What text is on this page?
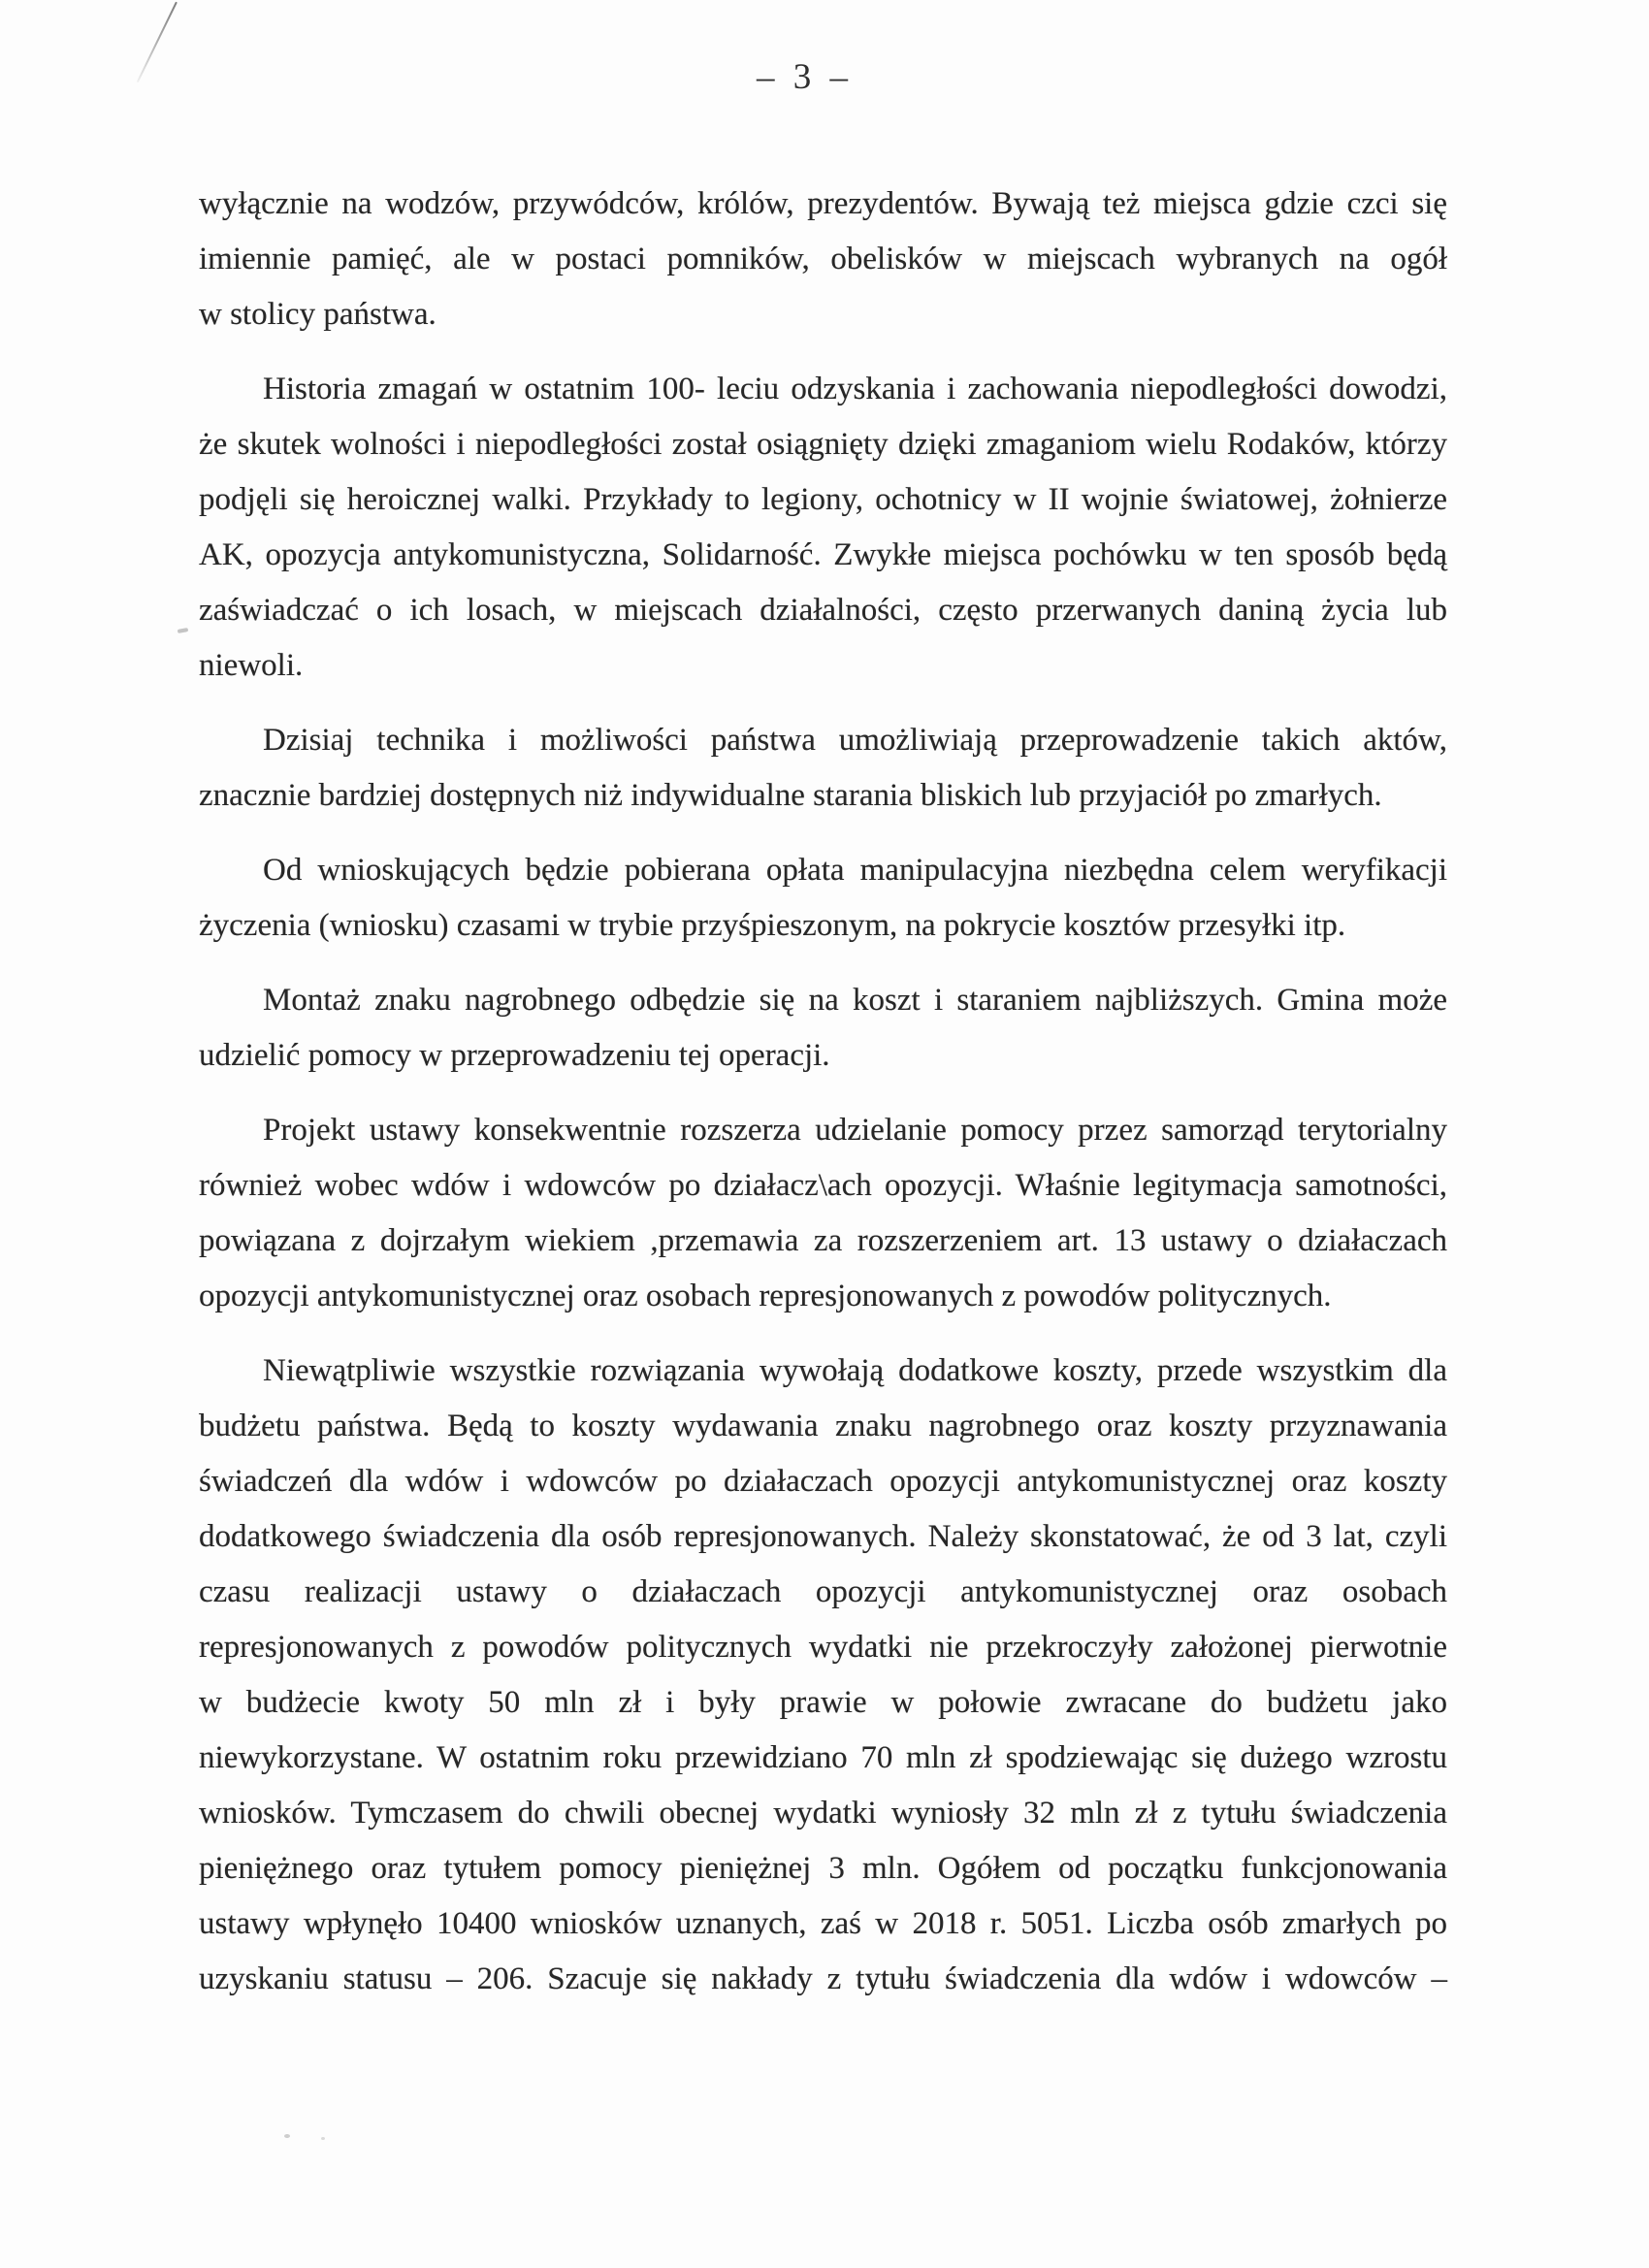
– 3 –
wyłącznie na wodzów, przywódców, królów, prezydentów. Bywają też miejsca gdzie czci się
imiennie pamięć, ale w postaci pomników, obelisków w miejscach wybranych na ogół
w stolicy państwa.
Historia zmagań w ostatnim 100- leciu odzyskania i zachowania niepodległości dowodzi,
że skutek wolności i niepodległości został osiągnięty dzięki zmaganiom wielu Rodaków, którzy
podjęli się heroicznej walki. Przykłady to legiony, ochotnicy w II wojnie światowej, żołnierze
AK, opozycja antykomunistyczna, Solidarność. Zwykłe miejsca pochówku w ten sposób będą
zaświadczać o ich losach, w miejscach działalności, często przerwanych daniną życia lub
niewoli.
Dzisiaj technika i możliwości państwa umożliwiają przeprowadzenie takich aktów,
znacznie bardziej dostępnych niż indywidualne starania bliskich lub przyjaciół po zmarłych.
Od wnioskujących będzie pobierana opłata manipulacyjna niezbędna celem weryfikacji
życzenia (wniosku) czasami w trybie przyśpieszonym, na pokrycie kosztów przesyłki itp.
Montaż znaku nagrobnego odbędzie się na koszt i staraniem najbliższych. Gmina może
udzielić pomocy w przeprowadzeniu tej operacji.
Projekt ustawy konsekwentnie rozszerza udzielanie pomocy przez samorząd terytorialny
również wobec wdów i wdowców po działacz\ach opozycji. Właśnie legitymacja samotności,
powiązana z dojrzałym wiekiem ,przemawia za rozszerzeniem art. 13 ustawy o działaczach
opozycji antykomunistycznej oraz osobach represjonowanych z powodów politycznych.
Niewątpliwie wszystkie rozwiązania wywołają dodatkowe koszty, przede wszystkim dla
budżetu państwa. Będą to koszty wydawania znaku nagrobnego oraz koszty przyznawania
świadczeń dla wdów i wdowców po działaczach opozycji antykomunistycznej oraz koszty
dodatkowego świadczenia dla osób represjonowanych. Należy skonstatować, że od 3 lat, czyli
czasu realizacji ustawy o działaczach opozycji antykomunistycznej oraz osobach
represjonowanych z powodów politycznych wydatki nie przekroczyły założonej pierwotnie
w budżecie kwoty 50 mln zł i były prawie w połowie zwracane do budżetu jako
niewykorzystane. W ostatnim roku przewidziano 70 mln zł spodziewając się dużego wzrostu
wniosków. Tymczasem do chwili obecnej wydatki wyniosły 32 mln zł z tytułu świadczenia
pieniężnego oraz tytułem pomocy pieniężnej 3 mln. Ogółem od początku funkcjonowania
ustawy wpłynęło 10400 wniosków uznanych, zaś w 2018 r. 5051. Liczba osób zmarłych po
uzyskaniu statusu – 206. Szacuje się nakłady z tytułu świadczenia dla wdów i wdowców –
